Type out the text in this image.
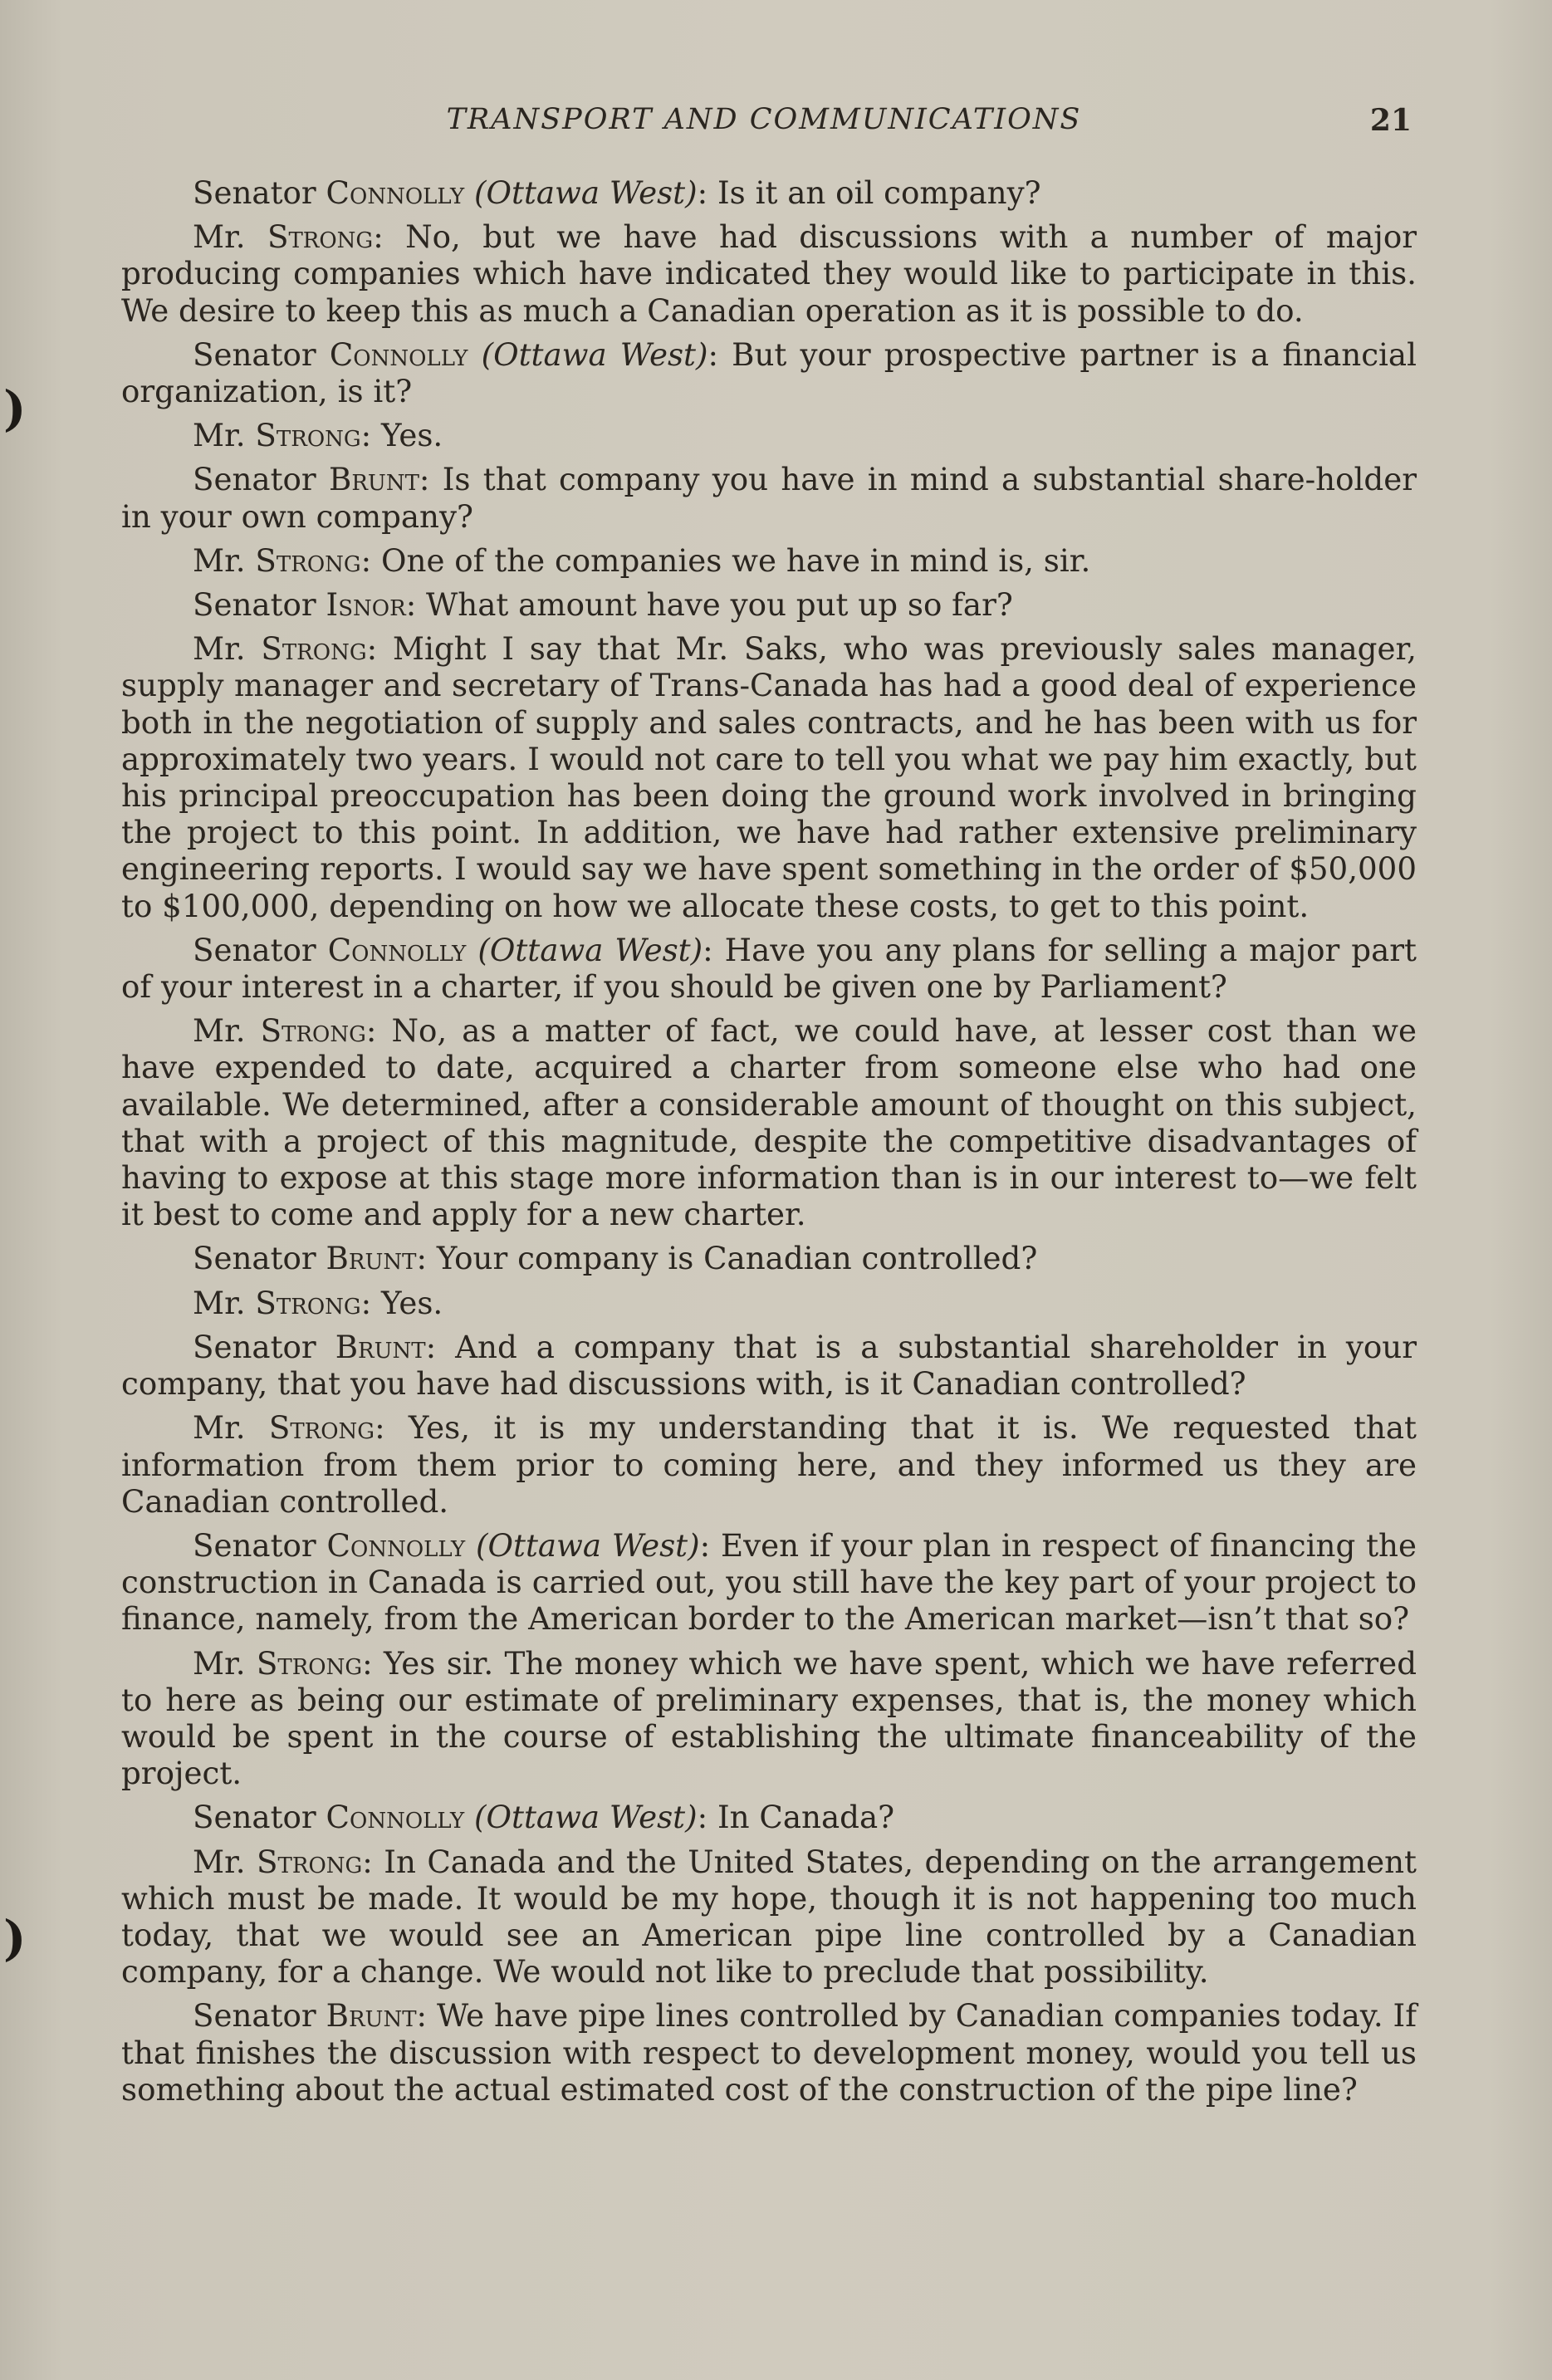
TRANSPORT AND COMMUNICATIONS	21
)
)

Senator Connolly (Ottawa West): Is it an oil company?

Mr. Strong: No, but we have had discussions with a number of major producing companies which have indicated they would like to participate in this. We desire to keep this as much a Canadian operation as it is possible to do.

Senator Connolly (Ottawa West): But your prospective partner is a financial organization, is it?

Mr. Strong: Yes.

Senator Brunt: Is that company you have in mind a substantial share-holder in your own company?

Mr. Strong: One of the companies we have in mind is, sir.

Senator Isnor: What amount have you put up so far?

Mr. Strong: Might I say that Mr. Saks, who was previously sales manager, supply manager and secretary of Trans-Canada has had a good deal of experience both in the negotiation of supply and sales contracts, and he has been with us for approximately two years. I would not care to tell you what we pay him exactly, but his principal preoccupation has been doing the ground work involved in bringing the project to this point. In addition, we have had rather extensive preliminary engineering reports. I would say we have spent something in the order of $50,000 to $100,000, depending on how we allocate these costs, to get to this point.

Senator Connolly (Ottawa West): Have you any plans for selling a major part of your interest in a charter, if you should be given one by Parliament?

Mr. Strong: No, as a matter of fact, we could have, at lesser cost than we have expended to date, acquired a charter from someone else who had one available. We determined, after a considerable amount of thought on this subject, that with a project of this magnitude, despite the competitive disadvantages of having to expose at this stage more information than is in our interest to—we felt it best to come and apply for a new charter.

Senator Brunt: Your company is Canadian controlled?

Mr. Strong: Yes.

Senator Brunt: And a company that is a substantial shareholder in your company, that you have had discussions with, is it Canadian controlled?

Mr. Strong: Yes, it is my understanding that it is. We requested that information from them prior to coming here, and they informed us they are Canadian controlled.

Senator Connolly (Ottawa West): Even if your plan in respect of financing the construction in Canada is carried out, you still have the key part of your project to finance, namely, from the American border to the American market—isn’t that so?

Mr. Strong: Yes sir. The money which we have spent, which we have referred to here as being our estimate of preliminary expenses, that is, the money which would be spent in the course of establishing the ultimate financeability of the project.

Senator Connolly (Ottawa West): In Canada?

Mr. Strong: In Canada and the United States, depending on the arrangement which must be made. It would be my hope, though it is not happening too much today, that we would see an American pipe line controlled by a Canadian company, for a change. We would not like to preclude that possibility.

Senator Brunt: We have pipe lines controlled by Canadian companies today. If that finishes the discussion with respect to development money, would you tell us something about the actual estimated cost of the construction of the pipe line?
